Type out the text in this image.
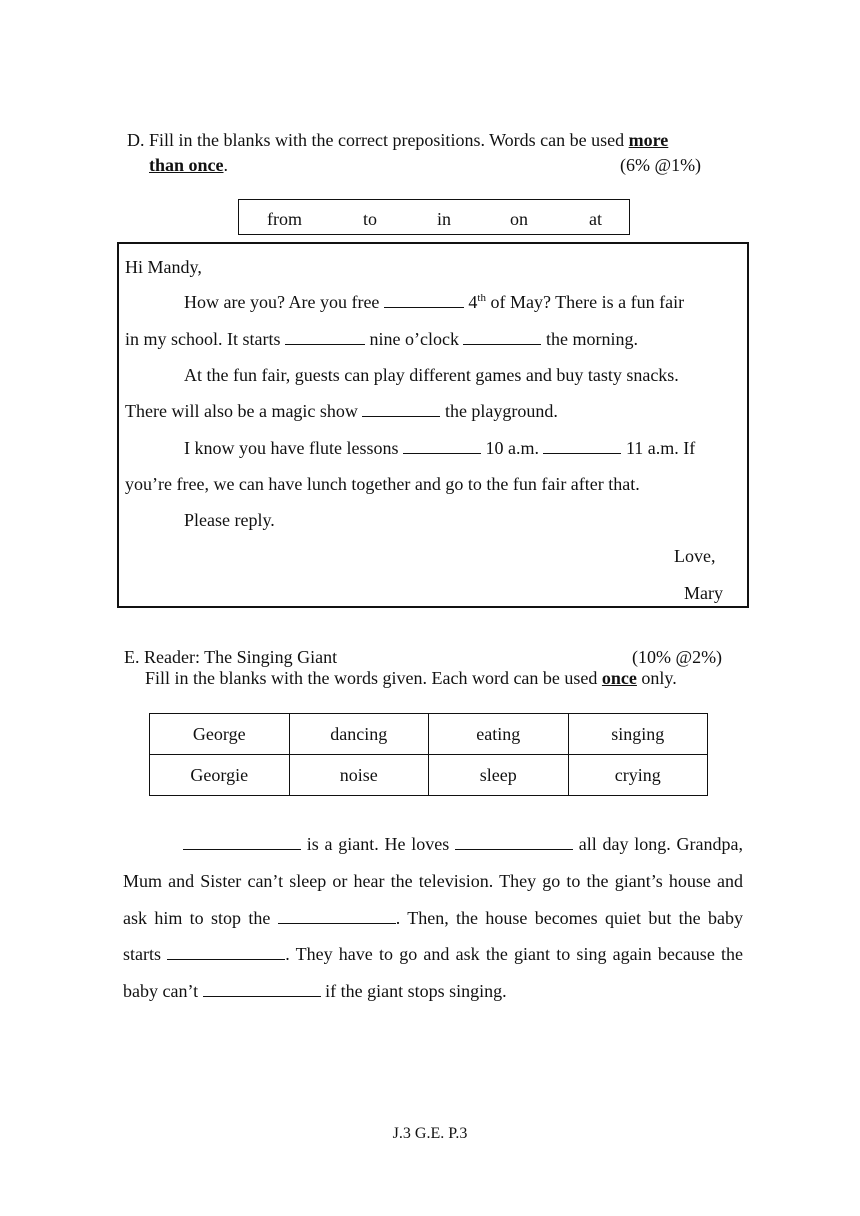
D. Fill in the blanks with the correct prepositions. Words can be used more
than once.	(6% @1%)
from	to	in	on	at
Hi Mandy,
How are you? Are you free	4th of May? There is a fun fair
in my school. It starts	nine o’clock	the morning.
At the fun fair, guests can play different games and buy tasty snacks.
There will also be a magic show	the playground.
I know you have flute lessons	10 a.m.	11 a.m. If
you’re free, we can have lunch together and go to the fun fair after that.
Please reply.
Love,
Mary
E. Reader: The Singing Giant	(10% @2%)
Fill in the blanks with the words given. Each word can be used once only.
George	dancing	eating	singing
Georgie	noise	sleep	crying
is a giant. He loves	all day long. Grandpa, Mum and Sister can’t sleep or hear the television. They go to the giant’s house and ask him to stop the	. Then, the house becomes quiet but the baby starts	. They have to go and ask the giant to sing again because the baby can’t	if the giant stops singing.
J.3 G.E. P.3
